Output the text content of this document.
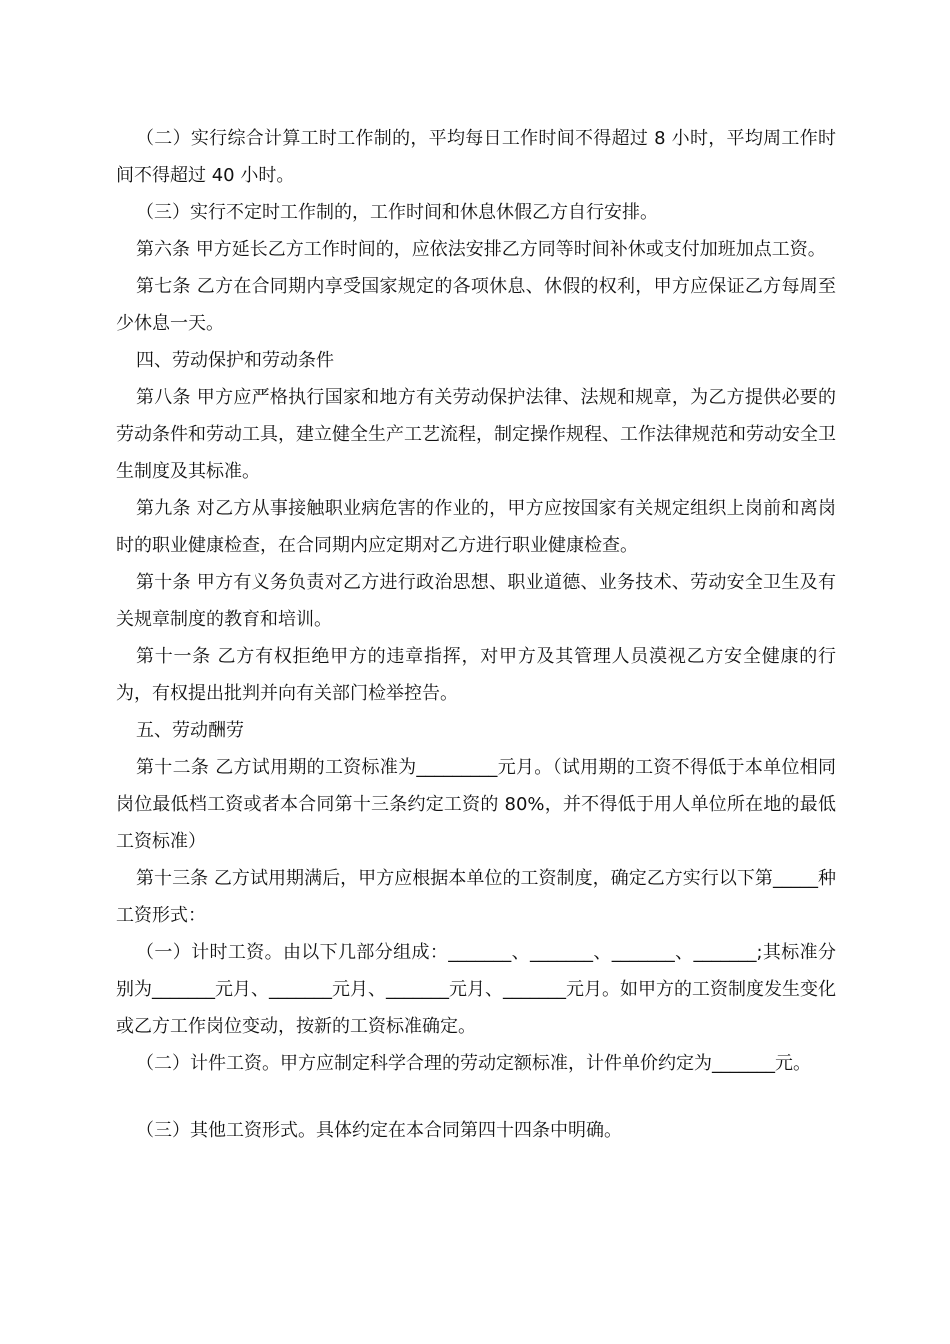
（二）实行综合计算工时工作制的，平均每日工作时间不得超过 8 小时，平均周工作时间不得超过 40 小时。

（三）实行不定时工作制的，工作时间和休息休假乙方自行安排。

第六条 甲方延长乙方工作时间的，应依法安排乙方同等时间补休或支付加班加点工资。

第七条 乙方在合同期内享受国家规定的各项休息、休假的权利，甲方应保证乙方每周至少休息一天。

四、劳动保护和劳动条件

第八条 甲方应严格执行国家和地方有关劳动保护法律、法规和规章，为乙方提供必要的劳动条件和劳动工具，建立健全生产工艺流程，制定操作规程、工作法律规范和劳动安全卫生制度及其标准。

第九条 对乙方从事接触职业病危害的作业的，甲方应按国家有关规定组织上岗前和离岗时的职业健康检查，在合同期内应定期对乙方进行职业健康检查。

第十条 甲方有义务负责对乙方进行政治思想、职业道德、业务技术、劳动安全卫生及有关规章制度的教育和培训。

第十一条 乙方有权拒绝甲方的违章指挥，对甲方及其管理人员漠视乙方安全健康的行为，有权提出批判并向有关部门检举控告。

五、劳动酬劳

第十二条 乙方试用期的工资标准为_________元月。（试用期的工资不得低于本单位相同岗位最低档工资或者本合同第十三条约定工资的 80%，并不得低于用人单位所在地的最低工资标准）

第十三条 乙方试用期满后，甲方应根据本单位的工资制度，确定乙方实行以下第_____种工资形式：

（一）计时工资。由以下几部分组成：_______、_______、_______、_______;其标准分别为_______元月、_______元月、_______元月、_______元月。如甲方的工资制度发生变化或乙方工作岗位变动，按新的工资标准确定。

（二）计件工资。甲方应制定科学合理的劳动定额标准，计件单价约定为_______元。

（三）其他工资形式。具体约定在本合同第四十四条中明确。
